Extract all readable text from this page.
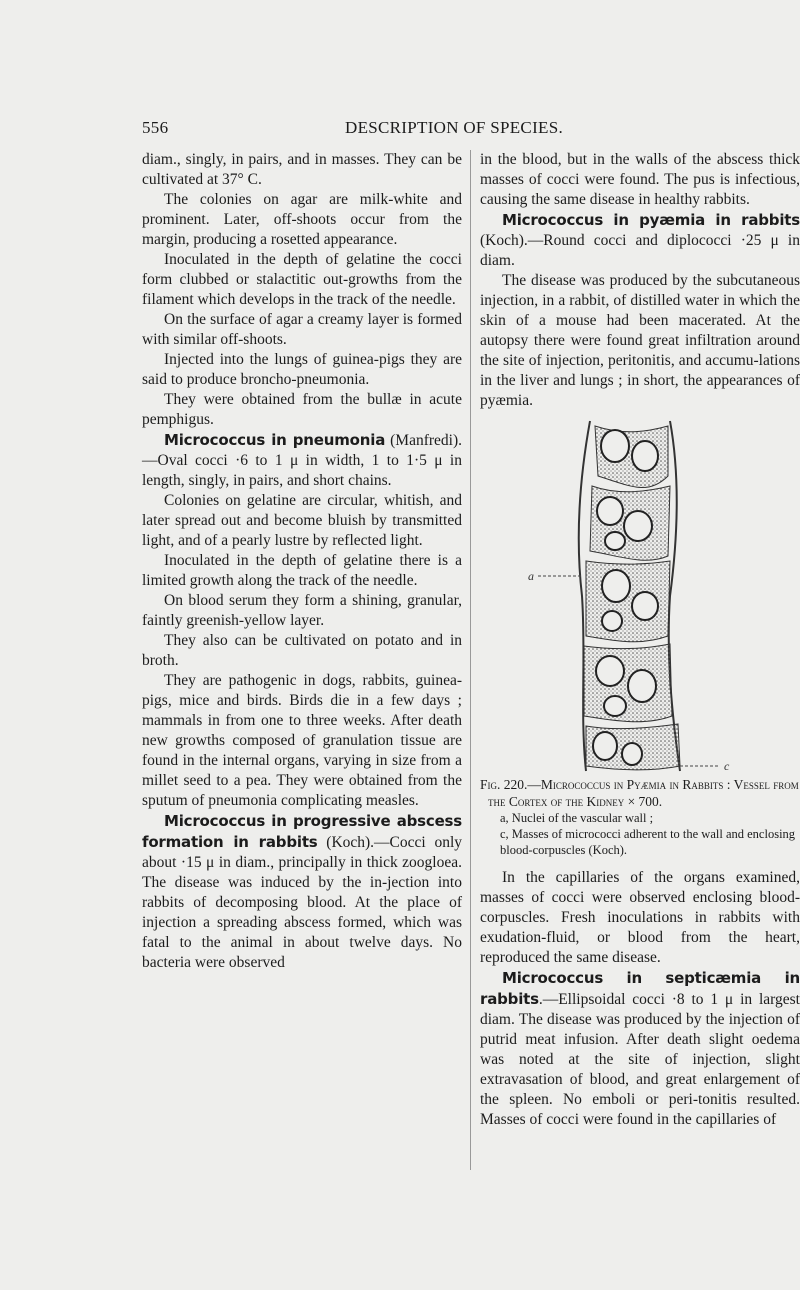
556	DESCRIPTION OF SPECIES.

diam., singly, in pairs, and in masses. They can be cultivated at 37° C.

The colonies on agar are milk-white and prominent. Later, off-shoots occur from the margin, producing a rosetted appearance.

Inoculated in the depth of gelatine the cocci form clubbed or stalactitic out-growths from the filament which develops in the track of the needle.

On the surface of agar a creamy layer is formed with similar off-shoots.

Injected into the lungs of guinea-pigs they are said to produce broncho-pneumonia.

They were obtained from the bullæ in acute pemphigus.

Micrococcus in pneumonia (Manfredi).—Oval cocci ·6 to 1 μ in width, 1 to 1·5 μ in length, singly, in pairs, and short chains.

Colonies on gelatine are circular, whitish, and later spread out and become bluish by transmitted light, and of a pearly lustre by reflected light.

Inoculated in the depth of gelatine there is a limited growth along the track of the needle.

On blood serum they form a shining, granular, faintly greenish-yellow layer.

They also can be cultivated on potato and in broth.

They are pathogenic in dogs, rabbits, guinea-pigs, mice and birds. Birds die in a few days ; mammals in from one to three weeks. After death new growths composed of granulation tissue are found in the internal organs, varying in size from a millet seed to a pea. They were obtained from the sputum of pneumonia complicating measles.

Micrococcus in progressive abscess formation in rabbits (Koch).—Cocci only about ·15 μ in diam., principally in thick zoogloea. The disease was induced by the in-jection into rabbits of decomposing blood. At the place of injection a spreading abscess formed, which was fatal to the animal in about twelve days. No bacteria were observed

in the blood, but in the walls of the abscess thick masses of cocci were found. The pus is infectious, causing the same disease in healthy rabbits.

Micrococcus in pyæmia in rabbits (Koch).—Round cocci and diplococci ·25 μ in diam.

The disease was produced by the subcutaneous injection, in a rabbit, of distilled water in which the skin of a mouse had been macerated. At the autopsy there were found great infiltration around the site of injection, peritonitis, and accumu-lations in the liver and lungs ; in short, the appearances of pyæmia.

a
c
Fig. 220.—Micrococcus in Pyæmia in Rabbits : Vessel from the Cortex of the Kidney × 700.

a, Nuclei of the vascular wall ;

c, Masses of micrococci adherent to the wall and enclosing blood-corpuscles (Koch).

In the capillaries of the organs examined, masses of cocci were observed enclosing blood-corpuscles. Fresh inoculations in rabbits with exudation-fluid, or blood from the heart, reproduced the same disease.

Micrococcus in septicæmia in rabbits.—Ellipsoidal cocci ·8 to 1 μ in largest diam. The disease was produced by the injection of putrid meat infusion. After death slight oedema was noted at the site of injection, slight extravasation of blood, and great enlargement of the spleen. No emboli or peri-tonitis resulted. Masses of cocci were found in the capillaries of
